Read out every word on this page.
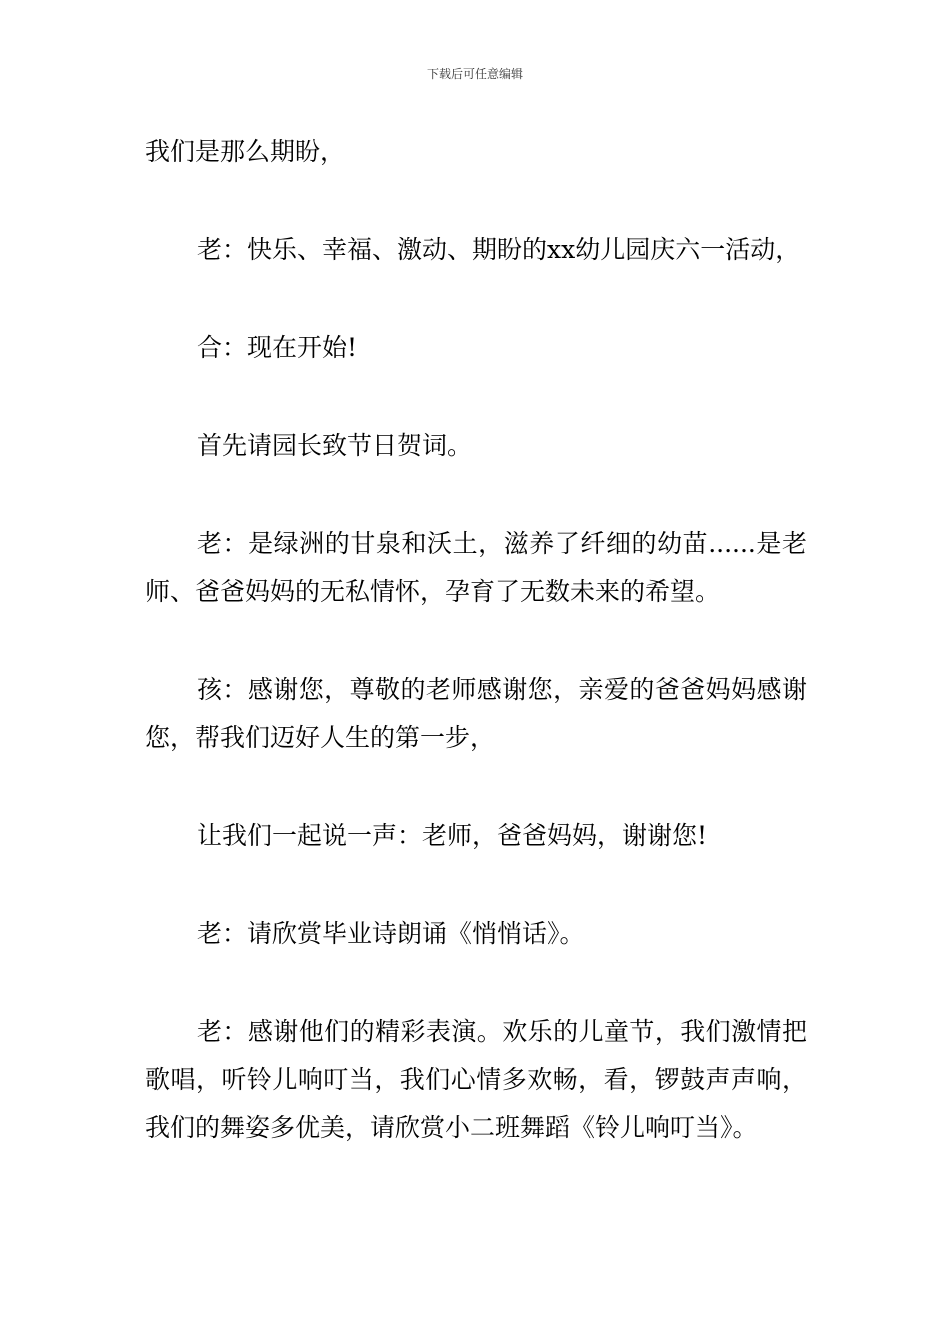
下载后可任意编辑

我们是那么期盼，

老：快乐、幸福、激动、期盼的xx幼儿园庆六一活动，

合：现在开始!

首先请园长致节日贺词。

老：是绿洲的甘泉和沃土，滋养了纤细的幼苗......是老师、爸爸妈妈的无私情怀，孕育了无数未来的希望。

孩：感谢您，尊敬的老师感谢您，亲爱的爸爸妈妈感谢您，帮我们迈好人生的第一步，

让我们一起说一声：老师，爸爸妈妈，谢谢您!

老：请欣赏毕业诗朗诵《悄悄话》。

老：感谢他们的精彩表演。欢乐的儿童节，我们激情把歌唱，听铃儿响叮当，我们心情多欢畅，看，锣鼓声声响，我们的舞姿多优美，请欣赏小二班舞蹈《铃儿响叮当》。
